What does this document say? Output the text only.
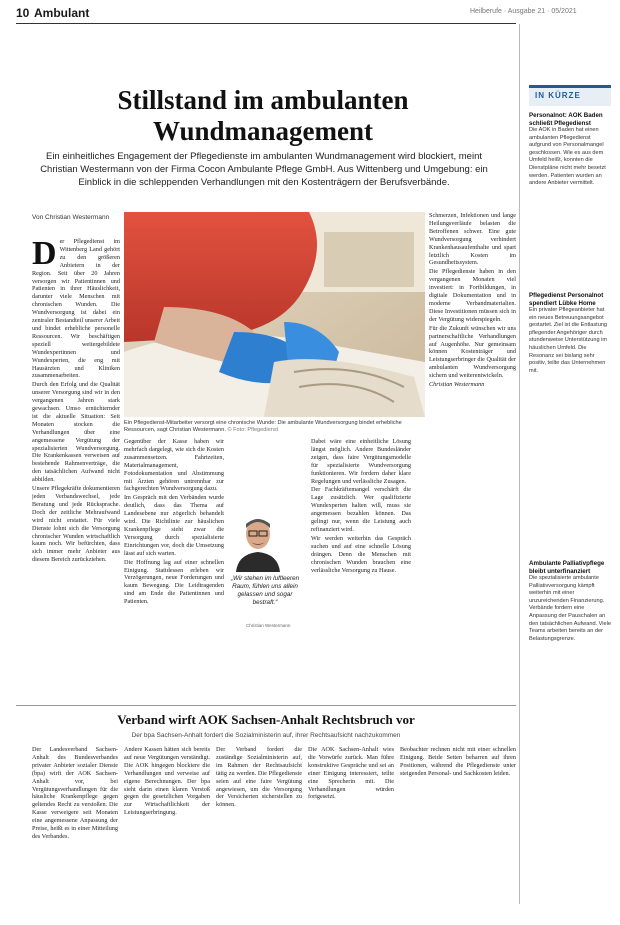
10 Ambulant	Heilberufe · Ausgabe 21 · 05/2021
Stillstand im ambulanten Wundmanagement
Ein einheitliches Engagement der Pflegedienste im ambulanten Wundmanagement wird blockiert, meint Christian Westermann von der Firma Cocon Ambulante Pflege GmbH. Aus Wittenberg und Umgebung: ein Einblick in die schleppenden Verhandlungen mit den Kostenträgern der Berufsverbände.
Von Christian Westermann

Der Pflegedienst im Wittenberg Land gehört zu den größeren Anbietern in der Region. Seit über 20 Jahren versorgen wir Patientinnen und Patienten in ihrer Häuslichkeit, darunter viele Menschen mit chronischen Wunden. Die Wundversorgung ist dabei ein zentraler Bestandteil unserer Arbeit und bindet erhebliche personelle Ressourcen. Wir beschäftigen speziell weitergebildete Wundexpertinnen und Wundexperten, die eng mit Hausärzten und Kliniken zusammenarbeiten.

Durch den Erfolg und die Qualität unserer Versorgung sind wir in den vergangenen Jahren stark gewachsen. Umso ernüchternder ist die aktuelle Situation: Seit Monaten stocken die Verhandlungen über eine angemessene Vergütung der spezialisierten Wundversorgung. Die Krankenkassen verweisen auf bestehende Rahmenverträge, die den tatsächlichen Aufwand nicht abbilden.

Unsere Pflegekräfte dokumentieren jeden Verbandswechsel, jede Beratung und jede Rücksprache. Doch der zeitliche Mehraufwand wird nicht erstattet. Für viele Dienste lohnt sich die Versorgung chronischer Wunden wirtschaftlich kaum noch. Wir befürchten, dass sich immer mehr Anbieter aus diesem Bereich zurückziehen.

Ein Pflegedienst-Mitarbeiter versorgt eine chronische Wunde: Die ambulante Wundversorgung bindet erhebliche Ressourcen, sagt Christian Westermann. © Foto: Pflegedienst

Gegenüber der Kasse haben wir mehrfach dargelegt, wie sich die Kosten zusammensetzen. Fahrtzeiten, Materialmanagement, Fotodokumentation und Abstimmung mit Ärzten gehören untrennbar zur fachgerechten Wundversorgung dazu.

Im Gespräch mit den Verbänden wurde deutlich, dass das Thema auf Landesebene nur zögerlich behandelt wird. Die Richtlinie zur häuslichen Krankenpflege sieht zwar die Versorgung durch spezialisierte Einrichtungen vor, doch die Umsetzung lässt auf sich warten.

Die Hoffnung lag auf einer schnellen Einigung. Stattdessen erleben wir Verzögerungen, neue Forderungen und kaum Bewegung. Die Leidtragenden sind am Ende die Patientinnen und Patienten.

„Wir stehen im luftleeren Raum, fühlen uns allein gelassen und sogar bestraft.“
Christian Westermann

Dabei wäre eine einheitliche Lösung längst möglich. Andere Bundesländer zeigen, dass faire Vergütungsmodelle für spezialisierte Wundversorgung funktionieren. Wir fordern daher klare Regelungen und verlässliche Zusagen.

Der Fachkräftemangel verschärft die Lage zusätzlich. Wer qualifizierte Wundexperten halten will, muss sie angemessen bezahlen können. Das gelingt nur, wenn die Leistung auch refinanziert wird.

Wir werden weiterhin das Gespräch suchen und auf eine schnelle Lösung drängen. Denn die Menschen mit chronischen Wunden brauchen eine verlässliche Versorgung zu Hause.

Schmerzen, Infektionen und lange Heilungsverläufe belasten die Betroffenen schwer. Eine gute Wundversorgung verhindert Krankenhausaufenthalte und spart letztlich Kosten im Gesundheitssystem.

Die Pflegedienste haben in den vergangenen Monaten viel investiert: in Fortbildungen, in digitale Dokumentation und in moderne Verbandmaterialien. Diese Investitionen müssen sich in der Vergütung widerspiegeln.

Für die Zukunft wünschen wir uns partnerschaftliche Verhandlungen auf Augenhöhe. Nur gemeinsam können Kostenträger und Leistungserbringer die Qualität der ambulanten Wundversorgung sichern und weiterentwickeln.

Christian Westermann

Verband wirft AOK Sachsen-Anhalt Rechtsbruch vor
Der bpa Sachsen-Anhalt fordert die Sozialministerin auf, ihrer Rechtsaufsicht nachzukommen
Der Landesverband Sachsen-Anhalt des Bundesverbandes privater Anbieter sozialer Dienste (bpa) wirft der AOK Sachsen-Anhalt vor, bei Vergütungsverhandlungen für die häusliche Krankenpflege gegen geltendes Recht zu verstoßen. Die Kasse verweigere seit Monaten eine angemessene Anpassung der Preise, heißt es in einer Mitteilung des Verbandes.
Andere Kassen hätten sich bereits auf neue Vergütungen verständigt. Die AOK hingegen blockiere die Verhandlungen und verweise auf eigene Berechnungen. Der bpa sieht darin einen klaren Verstoß gegen die gesetzlichen Vorgaben zur Wirtschaftlichkeit der Leistungserbringung.
Der Verband fordert die zuständige Sozialministerin auf, im Rahmen der Rechtsaufsicht tätig zu werden. Die Pflegedienste seien auf eine faire Vergütung angewiesen, um die Versorgung der Versicherten sicherstellen zu können.
Die AOK Sachsen-Anhalt wies die Vorwürfe zurück. Man führe konstruktive Gespräche und sei an einer Einigung interessiert, teilte eine Sprecherin mit. Die Verhandlungen würden fortgesetzt.
Beobachter rechnen nicht mit einer schnellen Einigung. Beide Seiten beharren auf ihren Positionen, während die Pflegedienste unter steigenden Personal- und Sachkosten leiden.
IN KÜRZE
Personalnot: AOK Baden schließt Pflegedienst
Die AOK in Baden hat einen ambulanten Pflegedienst aufgrund von Personalmangel geschlossen. Wie es aus dem Umfeld heißt, konnten die Dienstpläne nicht mehr besetzt werden. Patienten wurden an andere Anbieter vermittelt.
Pflegedienst Personalnot spendiert Lübke Home
Ein privater Pflegeanbieter hat ein neues Betreuungsangebot gestartet. Ziel ist die Entlastung pflegender Angehöriger durch stundenweise Unterstützung im häuslichen Umfeld. Die Resonanz sei bislang sehr positiv, teilte das Unternehmen mit.
Ambulante Palliativpflege bleibt unterfinanziert
Die spezialisierte ambulante Palliativversorgung kämpft weiterhin mit einer unzureichenden Finanzierung. Verbände fordern eine Anpassung der Pauschalen an den tatsächlichen Aufwand. Viele Teams arbeiten bereits an der Belastungsgrenze.
